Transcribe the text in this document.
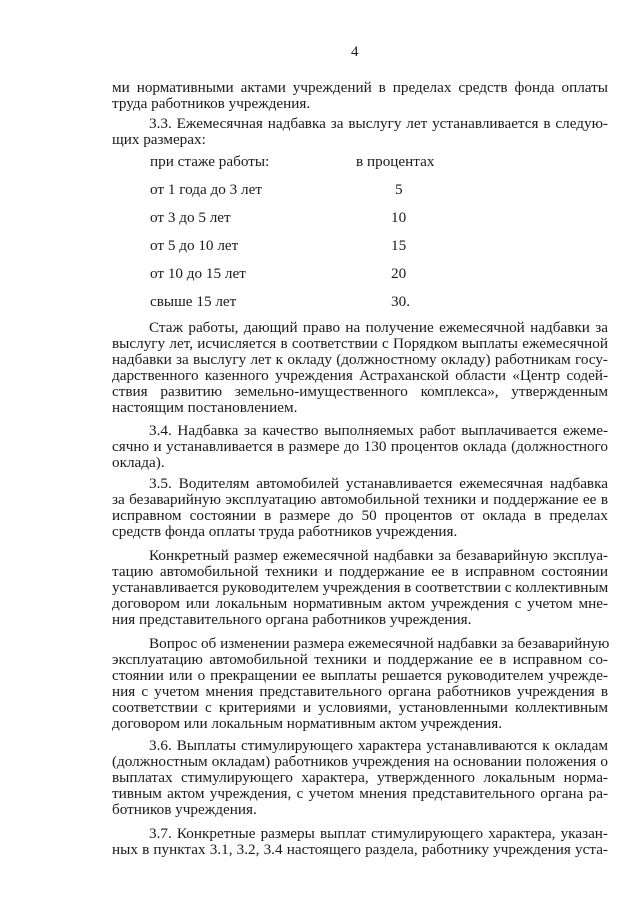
4
ми нормативными актами учреждений в пределах средств фонда оплаты
труда работников учреждения.
3.3. Ежемесячная надбавка за выслугу лет устанавливается в следую-
щих размерах:
при стаже работы:	в процентах
от 1 года до 3 лет	5
от 3 до 5 лет	10
от 5 до 10 лет	15
от 10 до 15 лет	20
свыше 15 лет	30.
Стаж работы, дающий право на получение ежемесячной надбавки за
выслугу лет, исчисляется в соответствии с Порядком выплаты ежемесячной
надбавки за выслугу лет к окладу (должностному окладу) работникам госу-
дарственного казенного учреждения Астраханской области «Центр содей-
ствия развитию земельно-имущественного комплекса», утвержденным
настоящим постановлением.
3.4. Надбавка за качество выполняемых работ выплачивается ежеме-
сячно и устанавливается в размере до 130 процентов оклада (должностного
оклада).
3.5. Водителям автомобилей устанавливается ежемесячная надбавка
за безаварийную эксплуатацию автомобильной техники и поддержание ее в
исправном состоянии в размере до 50 процентов от оклада в пределах
средств фонда оплаты труда работников учреждения.
Конкретный размер ежемесячной надбавки за безаварийную эксплуа-
тацию автомобильной техники и поддержание ее в исправном состоянии
устанавливается руководителем учреждения в соответствии с коллективным
договором или локальным нормативным актом учреждения с учетом мне-
ния представительного органа работников учреждения.
Вопрос об изменении размера ежемесячной надбавки за безаварийную
эксплуатацию автомобильной техники и поддержание ее в исправном со-
стоянии или о прекращении ее выплаты решается руководителем учрежде-
ния с учетом мнения представительного органа работников учреждения в
соответствии с критериями и условиями, установленными коллективным
договором или локальным нормативным актом учреждения.
3.6. Выплаты стимулирующего характера устанавливаются к окладам
(должностным окладам) работников учреждения на основании положения о
выплатах стимулирующего характера, утвержденного локальным норма-
тивным актом учреждения, с учетом мнения представительного органа ра-
ботников учреждения.
3.7. Конкретные размеры выплат стимулирующего характера, указан-
ных в пунктах 3.1, 3.2, 3.4 настоящего раздела, работнику учреждения уста-
